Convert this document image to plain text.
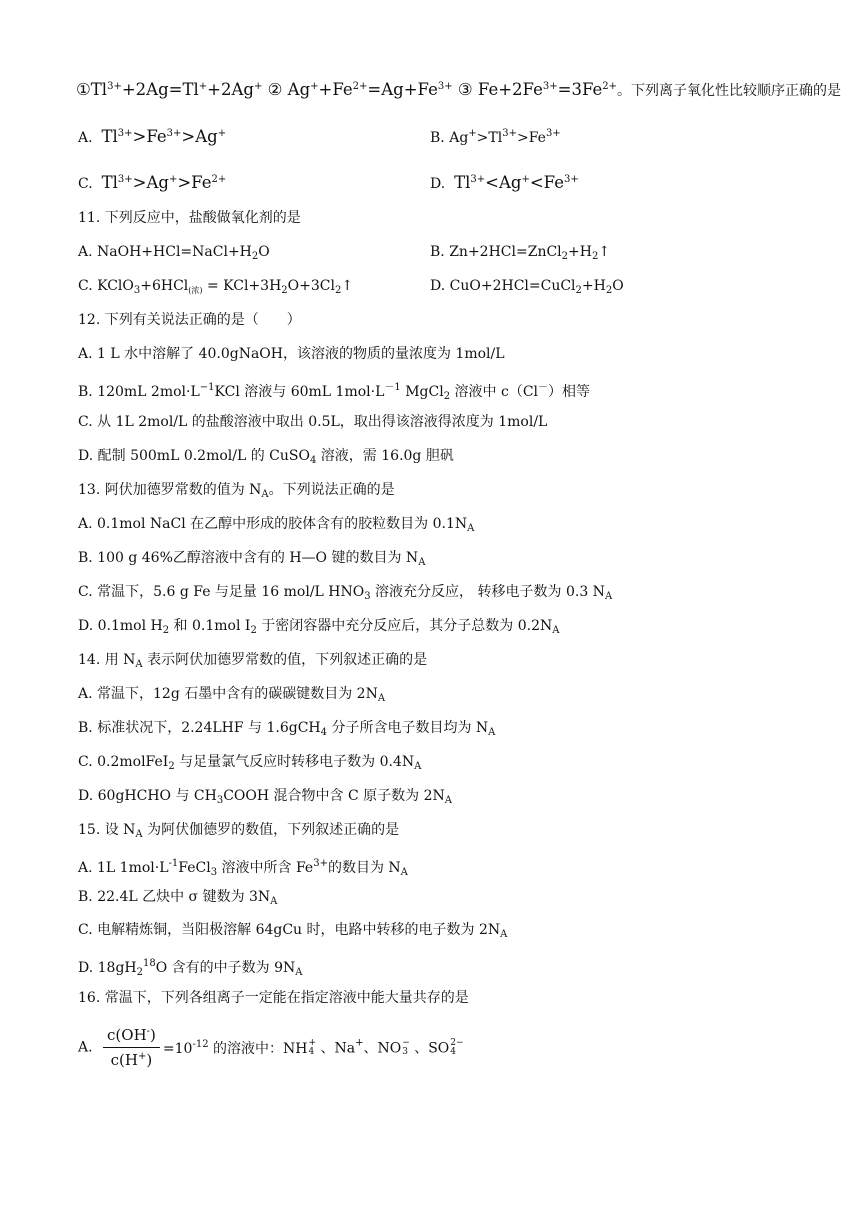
$①Tl^{3+}+2Ag=Tl^++2Ag^+$ ② $Ag^++Fe^{2+}=Ag+Fe^{3+}$ ③ $Fe+2Fe^{3+}=3Fe^{2+}$。下列离子氧化性比较顺序正确的是
A. $Tl^{3+}>Fe^{3+}>Ag^+$	B. $Ag^+>Tl^{3+}>Fe^{3+}$
C. $Tl^{3+}>Ag^+>Fe^{2+}$	D. $Tl^{3+}<Ag^+<Fe^{3+}$
11. 下列反应中，盐酸做氧化剂的是
A. $NaOH+HCl=NaCl+H_2O$	B. $Zn+2HCl=ZnCl_2+H_2↑$
C. KClO$_3$+6HCl$_{(浓)}$ = $KCl+3H_2O+3Cl_2↑$	D. $CuO+2HCl=CuCl_2+H_2O$
12. 下列有关说法正确的是（　　）
A. 1 L 水中溶解了 40.0gNaOH，该溶液的物质的量浓度为 1mol/L
B. 120mL $2mol\cdot L^{-1}KCl$ 溶液与 60mL $1mol\cdot L^{-1}$ MgCl$_2$ 溶液中 c（Cl－）相等
C. 从 1L 2mol/L 的盐酸溶液中取出 0.5L，取出得该溶液得浓度为 1mol/L
D. 配制 500mL 0.2mol/L 的 CuSO$_4$ 溶液，需 16.0g 胆矾
13. 阿伏加德罗常数的值为 $N_A$。下列说法正确的是
A. 0.1mol NaCl 在乙醇中形成的胶体含有的胶粒数目为 $0.1N_A$
B. 100 g 46%乙醇溶液中含有的 H—O 键的数目为 $N_A$
C. 常温下，5.6 g Fe 与足量 16 mol/L $HNO_3$ 溶液充分反应， 转移电子数为 0.3 $N_A$
D. 0.1mol $H_2$ 和 0.1mol $I_2$ 于密闭容器中充分反应后，其分子总数为 $0.2N_A$
14. 用 $N_A$ 表示阿伏加德罗常数的值，下列叙述正确的是
A. 常温下，12g 石墨中含有的碳碳键数目为 $2N_A$
B. 标准状况下，2.24LHF 与 1.6gCH$_4$ 分子所含电子数目均为 $N_A$
C. 0.2molFeI$_2$ 与足量氯气反应时转移电子数为 $0.4N_A$
D. 60gHCHO 与 $CH_3COOH$ 混合物中含 C 原子数为 $2N_A$
15. 设 $N_A$ 为阿伏伽德罗的数值，下列叙述正确的是
A. 1L $1mol\cdot L^{-1}FeCl_3$ 溶液中所含 $Fe^{3+}$的数目为 $N_A$
B. 22.4L 乙炔中 σ 键数为 $3N_A$
C. 电解精炼铜，当阳极溶解 64gCu 时，电路中转移的电子数为 $2N_A$
D. $18gH_2^{18}O$ 含有的中子数为 $9N_A$
16. 常温下，下列各组离子一定能在指定溶液中能大量共存的是
A. $\frac{c(OH^-)}{c(H^+)} =10^{-12}$ 的溶液中：NH +
4 、Na+、NO −
3 、SO 2−
4
